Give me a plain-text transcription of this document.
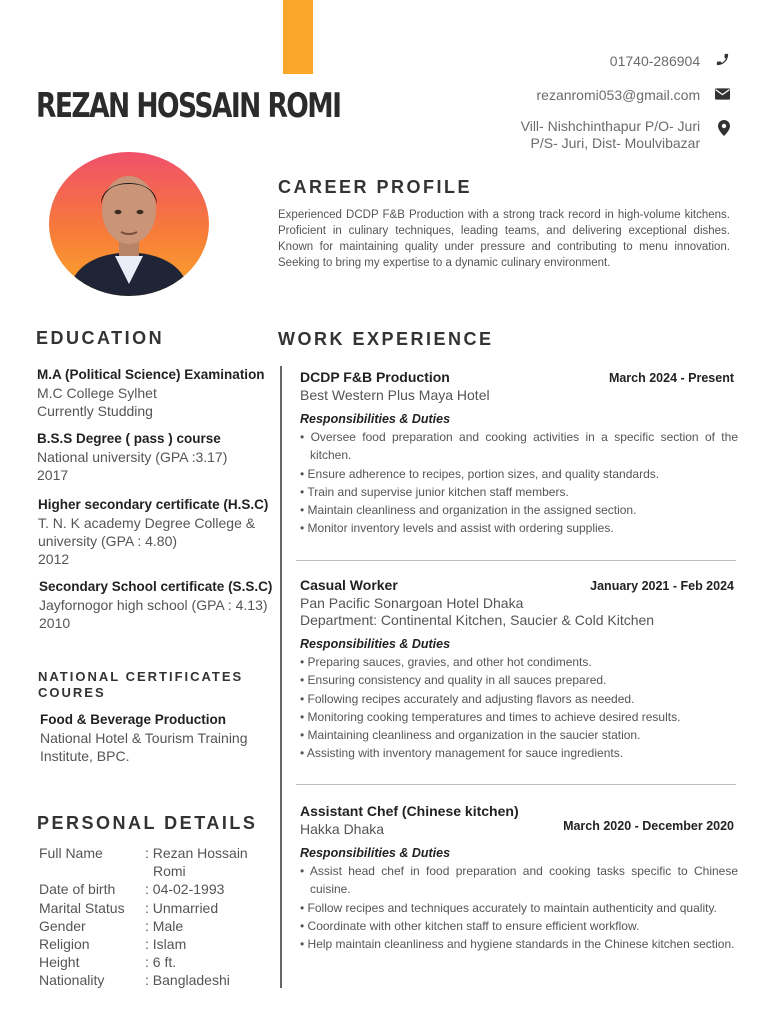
REZAN HOSSAIN ROMI
01740-286904
rezanromi053@gmail.com
Vill- Nishchinthapur P/O- Juri
P/S- Juri, Dist- Moulvibazar

CAREER PROFILE
Experienced DCDP F&B Production with a strong track record in high-volume kitchens. Proficient in culinary techniques, leading teams, and delivering exceptional dishes. Known for maintaining quality under pressure and contributing to menu innovation. Seeking to bring my expertise to a dynamic culinary environment.
EDUCATION
M.A (Political Science) Examination
M.C College Sylhet
Currently Studding
B.S.S Degree ( pass ) course
National university (GPA :3.17)
2017
Higher secondary certificate (H.S.C)
T. N. K academy Degree College &
university (GPA : 4.80)
2012
Secondary School certificate (S.S.C)
Jayfornogor high school (GPA : 4.13)
2010
NATIONAL CERTIFICATES COURES
Food & Beverage Production
National Hotel & Tourism Training
Institute, BPC.
PERSONAL DETAILS
Full Name	: Rezan Hossain Romi
Date of birth	: 04-02-1993
Marital Status	: Unmarried
Gender	: Male
Religion	: Islam
Height	: 6 ft.
Nationality	: Bangladeshi
WORK EXPERIENCE
DCDP F&B Production	March 2024 - Present
Best Western Plus Maya Hotel
Responsibilities & Duties
• Oversee food preparation and cooking activities in a specific section of the kitchen.
• Ensure adherence to recipes, portion sizes, and quality standards.
• Train and supervise junior kitchen staff members.
• Maintain cleanliness and organization in the assigned section.
• Monitor inventory levels and assist with ordering supplies.
Casual Worker	January 2021 - Feb 2024
Pan Pacific Sonargoan Hotel Dhaka
Department: Continental Kitchen, Saucier & Cold Kitchen
Responsibilities & Duties
• Preparing sauces, gravies, and other hot condiments.
• Ensuring consistency and quality in all sauces prepared.
• Following recipes accurately and adjusting flavors as needed.
• Monitoring cooking temperatures and times to achieve desired results.
• Maintaining cleanliness and organization in the saucier station.
• Assisting with inventory management for sauce ingredients.
Assistant Chef (Chinese kitchen)
March 2020 - December 2020
Hakka Dhaka
Responsibilities & Duties
• Assist head chef in food preparation and cooking tasks specific to Chinese cuisine.
• Follow recipes and techniques accurately to maintain authenticity and quality.
• Coordinate with other kitchen staff to ensure efficient workflow.
• Help maintain cleanliness and hygiene standards in the Chinese kitchen section.
